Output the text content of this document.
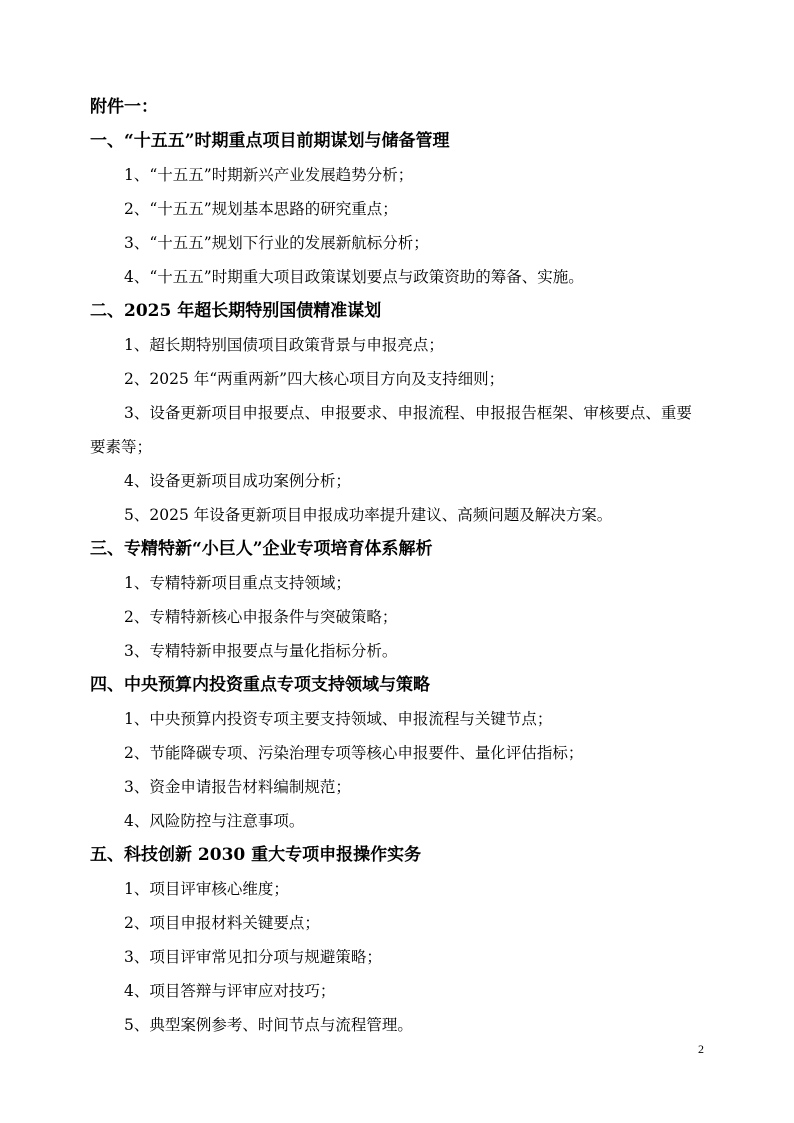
附件一：

一、“十五五”时期重点项目前期谋划与储备管理

1、“十五五”时期新兴产业发展趋势分析；

2、“十五五”规划基本思路的研究重点；

3、“十五五”规划下行业的发展新航标分析；

4、“十五五”时期重大项目政策谋划要点与政策资助的筹备、实施。

二、2025 年超长期特别国债精准谋划

1、超长期特别国债项目政策背景与申报亮点；

2、2025 年“两重两新”四大核心项目方向及支持细则；

3、设备更新项目申报要点、申报要求、申报流程、申报报告框架、审核要点、重要要素等；

4、设备更新项目成功案例分析；

5、2025 年设备更新项目申报成功率提升建议、高频问题及解决方案。

三、专精特新“小巨人”企业专项培育体系解析

1、专精特新项目重点支持领域；

2、专精特新核心申报条件与突破策略；

3、专精特新申报要点与量化指标分析。

四、中央预算内投资重点专项支持领域与策略

1、中央预算内投资专项主要支持领域、申报流程与关键节点；

2、节能降碳专项、污染治理专项等核心申报要件、量化评估指标；

3、资金申请报告材料编制规范；

4、风险防控与注意事项。

五、科技创新 2030 重大专项申报操作实务

1、项目评审核心维度；

2、项目申报材料关键要点；

3、项目评审常见扣分项与规避策略；

4、项目答辩与评审应对技巧；

5、典型案例参考、时间节点与流程管理。

2
